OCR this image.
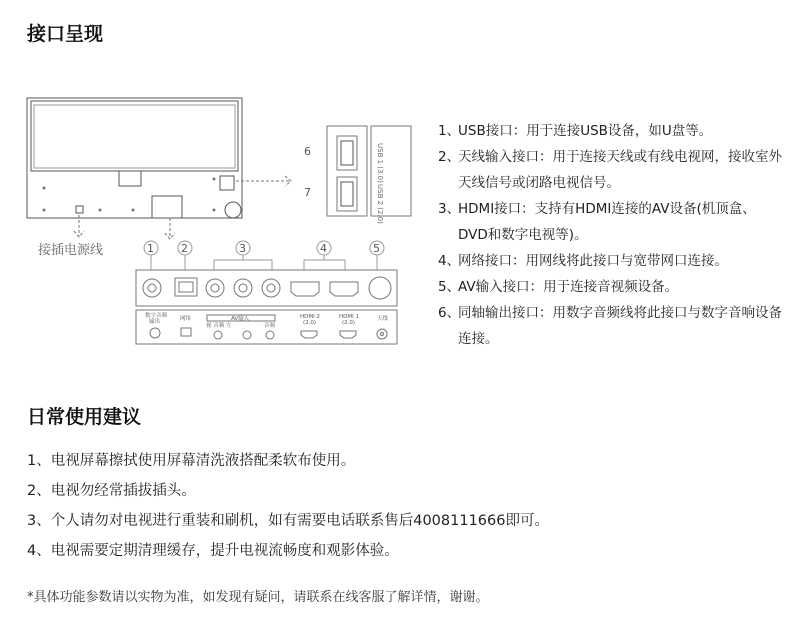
接口呈现
接插电源线
6
7
USB 1 (3.0)
USB 2 (2.0)
1 2	3	4	5
数字音频
输出	网络	AV输入
视 音频 左	音频
HDMI 2
(2.0)
HDMI 1
(2.0)
天线
1、
USB接口：用于连接USB设备，如U盘等。
2、
天线输入接口：用于连接天线或有线电视网，接收室外天线信号或闭路电视信号。
3、
HDMI接口：支持有HDMI连接的AV设备(机顶盒、DVD和数字电视等)。
4、
网络接口：用网线将此接口与宽带网口连接。
5、
AV输入接口：用于连接音视频设备。
6、
同轴输出接口：用数字音频线将此接口与数字音响设备连接。
日常使用建议
1、电视屏幕擦拭使用屏幕清洗液搭配柔软布使用。
2、电视勿经常插拔插头。
3、个人请勿对电视进行重装和刷机，如有需要电话联系售后4008111666即可。
4、电视需要定期清理缓存，提升电视流畅度和观影体验。
*具体功能参数请以实物为准，如发现有疑问，请联系在线客服了解详情，谢谢。
